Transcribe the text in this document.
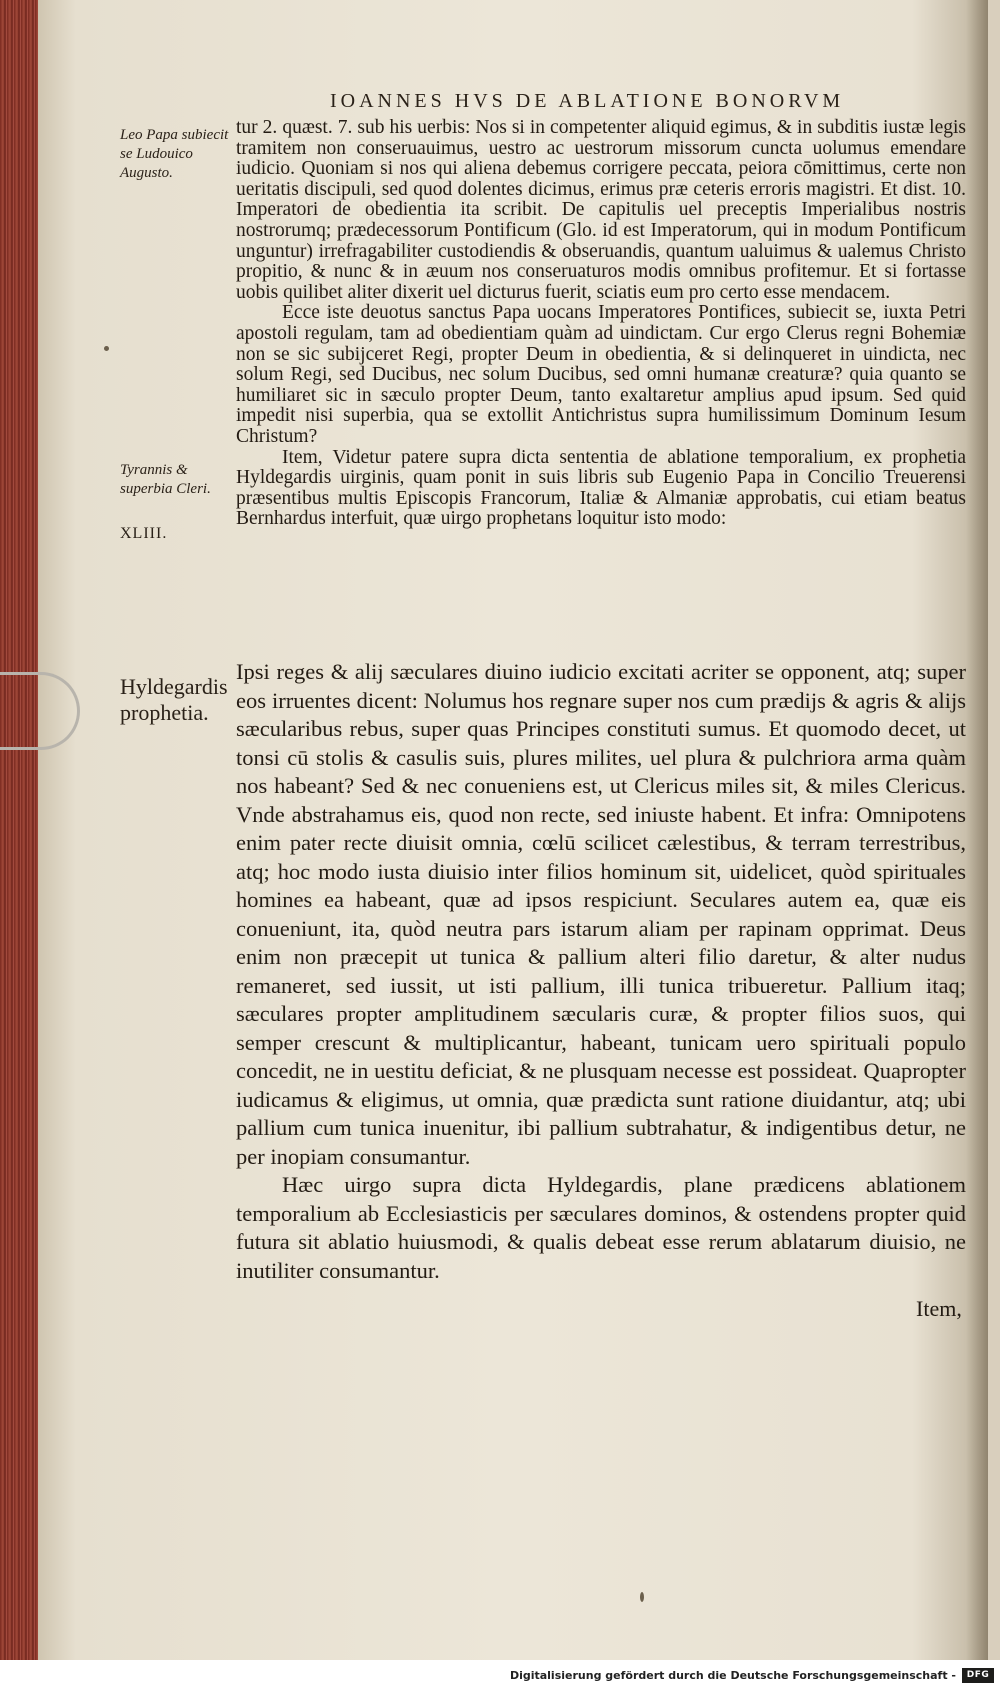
IOANNES HVS DE ABLATIONE BONORVM
Leo Papa subiecit se Ludouico Augusto.
Tyrannis & superbia Cleri.
XLIII.
Hyldegardis prophetia.

tur 2. quæst. 7. sub his uerbis: Nos si in competenter aliquid egimus, & in subditis iustæ legis tramitem non conseruauimus, uestro ac uestrorum missorum cuncta uolumus emendare iudicio. Quoniam si nos qui aliena debemus corrigere peccata, peiora cōmittimus, certe non ueritatis discipuli, sed quod dolentes dicimus, erimus præ ceteris erroris magistri. Et dist. 10. Imperatori de obedientia ita scribit. De capitulis uel preceptis Imperialibus nostris nostrorumq; prædecessorum Pontificum (Glo. id est Imperatorum, qui in modum Pontificum unguntur) irrefragabiliter custodiendis & obseruandis, quantum ualuimus & ualemus Christo propitio, & nunc & in æuum nos conseruaturos modis omnibus profitemur. Et si fortasse uobis quilibet aliter dixerit uel dicturus fuerit, sciatis eum pro certo esse mendacem.

Ecce iste deuotus sanctus Papa uocans Imperatores Pontifices, subiecit se, iuxta Petri apostoli regulam, tam ad obedientiam quàm ad uindictam. Cur ergo Clerus regni Bohemiæ non se sic subijceret Regi, propter Deum in obedientia, & si delinqueret in uindicta, nec solum Regi, sed Ducibus, nec solum Ducibus, sed omni humanæ creaturæ? quia quanto se humiliaret sic in sæculo propter Deum, tanto exaltaretur amplius apud ipsum. Sed quid impedit nisi superbia, qua se extollit Antichristus supra humilissimum Dominum Iesum Christum?

Item, Videtur patere supra dicta sententia de ablatione temporalium, ex prophetia Hyldegardis uirginis, quam ponit in suis libris sub Eugenio Papa in Concilio Treuerensi præsentibus multis Episcopis Francorum, Italiæ & Almaniæ approbatis, cui etiam beatus Bernhardus interfuit, quæ uirgo prophetans loquitur isto modo:

Ipsi reges & alij sæculares diuino iudicio excitati acriter se opponent, atq; super eos irruentes dicent: Nolumus hos regnare super nos cum prædijs & agris & alijs sæcularibus rebus, super quas Principes constituti sumus. Et quomodo decet, ut tonsi cū stolis & casulis suis, plures milites, uel plura & pulchriora arma quàm nos habeant? Sed & nec conueniens est, ut Clericus miles sit, & miles Clericus. Vnde abstrahamus eis, quod non recte, sed iniuste habent. Et infra: Omnipotens enim pater recte diuisit omnia, cœlū scilicet cælestibus, & terram terrestribus, atq; hoc modo iusta diuisio inter filios hominum sit, uidelicet, quòd spirituales homines ea habeant, quæ ad ipsos respiciunt. Seculares autem ea, quæ eis conueniunt, ita, quòd neutra pars istarum aliam per rapinam opprimat. Deus enim non præcepit ut tunica & pallium alteri filio daretur, & alter nudus remaneret, sed iussit, ut isti pallium, illi tunica tribueretur. Pallium itaq; sæculares propter amplitudinem sæcularis curæ, & propter filios suos, qui semper crescunt & multiplicantur, habeant, tunicam uero spirituali populo concedit, ne in uestitu deficiat, & ne plusquam necesse est possideat. Quapropter iudicamus & eligimus, ut omnia, quæ prædicta sunt ratione diuidantur, atq; ubi pallium cum tunica inuenitur, ibi pallium subtrahatur, & indigentibus detur, ne per inopiam consumantur.

Hæc uirgo supra dicta Hyldegardis, plane prædicens ablationem temporalium ab Ecclesiasticis per sæculares dominos, & ostendens propter quid futura sit ablatio huiusmodi, & qualis debeat esse rerum ablatarum diuisio, ne inutiliter consumantur.

Item,
Digitalisierung gefördert durch die Deutsche Forschungsgemeinschaft -	DFG
